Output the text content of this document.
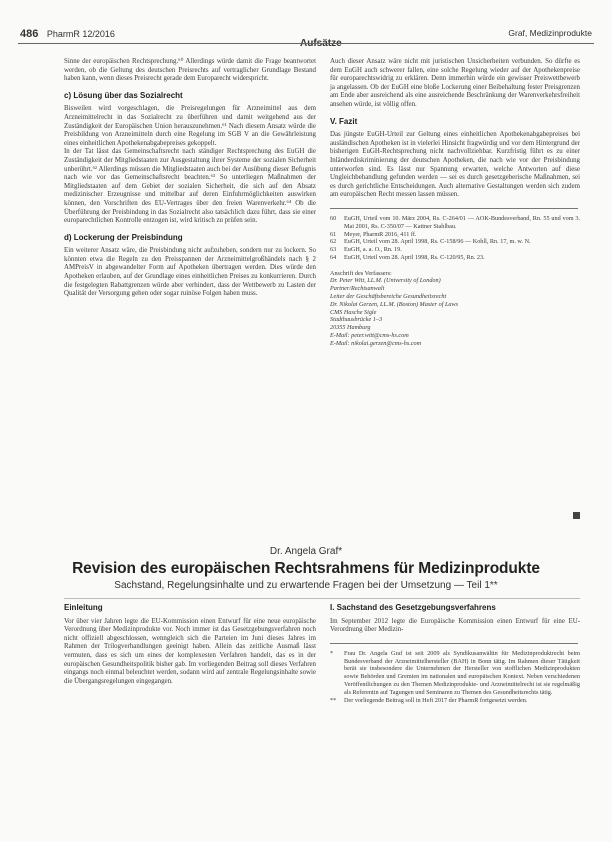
486 PharmR 12/2016
Aufsätze
Graf, Medizinprodukte

Sinne der europäischen Rechtsprechung.⁶⁰ Allerdings würde damit die Frage beantwortet werden, ob die Geltung des deutschen Preisrechts auf vertraglicher Grundlage Bestand haben kann, wenn dieses Preisrecht gerade dem Europarecht widerspricht.

c) Lösung über das Sozialrecht

Bisweilen wird vorgeschlagen, die Preisregelungen für Arzneimittel aus dem Arzneimittelrecht in das Sozialrecht zu überführen und damit weitgehend aus der Zuständigkeit der Europäischen Union herauszunehmen.⁶¹ Nach diesem Ansatz würde die Preisbildung von Arzneimitteln durch eine Regelung im SGB V an die Gewährleistung eines einheitlichen Apothekenabgabepreises gekoppelt.

In der Tat lässt das Gemeinschaftsrecht nach ständiger Rechtsprechung des EuGH die Zuständigkeit der Mitgliedstaaten zur Ausgestaltung ihrer Systeme der sozialen Sicherheit unberührt.⁶² Allerdings müssen die Mitgliedstaaten auch bei der Ausübung dieser Befugnis nach wie vor das Gemeinschaftsrecht beachten.⁶³ So unterliegen Maßnahmen der Mitgliedstaaten auf dem Gebiet der sozialen Sicherheit, die sich auf den Absatz medizinischer Erzeugnisse und mittelbar auf deren Einfuhrmöglichkeiten auswirken können, den Vorschriften des EU-Vertrages über den freien Warenverkehr.⁶⁴ Ob die Überführung der Preisbindung in das Sozialrecht also tatsächlich dazu führt, dass sie einer europarechtlichen Kontrolle entzogen ist, wird kritisch zu prüfen sein.

d) Lockerung der Preisbindung

Ein weiterer Ansatz wäre, die Preisbindung nicht aufzuheben, sondern nur zu lockern. So könnten etwa die Regeln zu den Preisspannen der Arzneimittelgroßhändels nach § 2 AMPreisV in abgewandelter Form auf Apotheken übertragen werden. Dies würde den Apotheken erlauben, auf der Grundlage eines einheitlichen Preises zu konkurrieren. Durch die festgelegten Rabattgrenzen würde aber verhindert, dass der Wettbewerb zu Lasten der Qualität der Versorgung gehen oder sogar ruinöse Folgen haben muss.

Auch dieser Ansatz wäre nicht mit juristischen Unsicherheiten verbunden. So dürfte es dem EuGH auch schwerer fallen, eine solche Regelung wieder auf der Apothekenpreise für europarechtswidrig zu erklären. Denn immerhin würde ein gewisser Preiswettbewerb ja angelassen. Ob der EuGH eine bloße Lockerung einer Beibehaltung fester Preisgrenzen am Ende aber ausreichend als eine ausreichende Beschränkung der Warenverkehrsfreiheit ansehen würde, ist völlig offen.

V. Fazit

Das jüngste EuGH-Urteil zur Geltung eines einheitlichen Apothekenabgabepreises bei ausländischen Apotheken ist in vielerlei Hinsicht fragwürdig und vor dem Hintergrund der bisherigen EuGH-Rechtsprechung nicht nachvollziehbar. Kurzfristig führt es zu einer Inländerdiskriminierung der deutschen Apotheken, die nach wie vor der Preisbindung unterworfen sind. Es lässt nur Spannung erwarten, welche Antworten auf diese Ungleichbehandlung gefunden werden — sei es durch gesetzgeberische Maßnahmen, sei es durch gerichtliche Entscheidungen. Auch alternative Gestaltungen werden sich zudem am europäischen Recht messen lassen müssen.

60	EuGH, Urteil vom 10. März 2004, Rs. C-264/01 — AOK-Bundesverband, Rn. 55 und vom 3. Mai 2001, Rs. C-350/07 — Kattner Stahlbau.
61	Meyer, PharmR 2016, 411 ff.
62	EuGH, Urteil vom 28. April 1998, Rs. C-158/96 — Kohll, Rn. 17, m. w. N.
63	EuGH, a. a. O., Rn. 19.
64	EuGH, Urteil vom 28. April 1998, Rs. C-120/95, Rn. 23.
Anschrift des Verfassers:
Dr. Peter Witt, LL.M. (University of London)
Partner/Rechtsanwalt
Leiter der Geschäftsbereiche Gesundheitsrecht
Dr. Nikolai Gerzen, LL.M. (Boston) Master of Laws
CMS Hasche Sigle
Stadthausbrücke 1–3
20355 Hamburg
E-Mail: peter.witt@cms-hs.com
E-Mail: nikolai.gerzen@cms-hs.com
Dr. Angela Graf*
Revision des europäischen Rechtsrahmens für Medizinprodukte
Sachstand, Regelungsinhalte und zu erwartende Fragen bei der Umsetzung — Teil 1**
Einleitung

Vor über vier Jahren legte die EU-Kommission einen Entwurf für eine neue europäische Verordnung über Medizinprodukte vor. Noch immer ist das Gesetzgebungsverfahren noch nicht offiziell abgeschlossen, wenngleich sich die Parteien im Juni dieses Jahres im Rahmen der Trilogverhandlungen geeinigt haben. Allein das zeitliche Ausmaß lässt vermuten, dass es sich um eines der komplexesten Verfahren handelt, das es in der europäischen Gesundheitspolitik bisher gab. Im vorliegenden Beitrag soll dieses Verfahren eingangs noch einmal beleuchtet werden, sodann wird auf zentrale Regelungsinhalte sowie die Übergangsregelungen eingegangen.

I. Sachstand des Gesetzgebungsverfahrens

Im September 2012 legte die Europäische Kommission einen Entwurf für eine EU-Verordnung über Medizin-

*	Frau Dr. Angela Graf ist seit 2009 als Syndikusanwältin für Medizinproduktrecht beim Bundesverband der Arzneimittelhersteller (BAH) in Bonn tätig. Im Rahmen dieser Tätigkeit berät sie insbesondere die Unternehmen der Hersteller von stofflichen Medizinprodukten sowie Behörden und Gremien im nationalen und europäischen Kontext. Neben verschiedenen Veröffentlichungen zu den Themen Medizinprodukte- und Arzneimittelrecht ist sie regelmäßig als Referentin auf Tagungen und Seminaren zu Themen des Gesundheitsrechts tätig.
**	Der vorliegende Beitrag soll in Heft 2017 der PharmR fortgesetzt werden.
